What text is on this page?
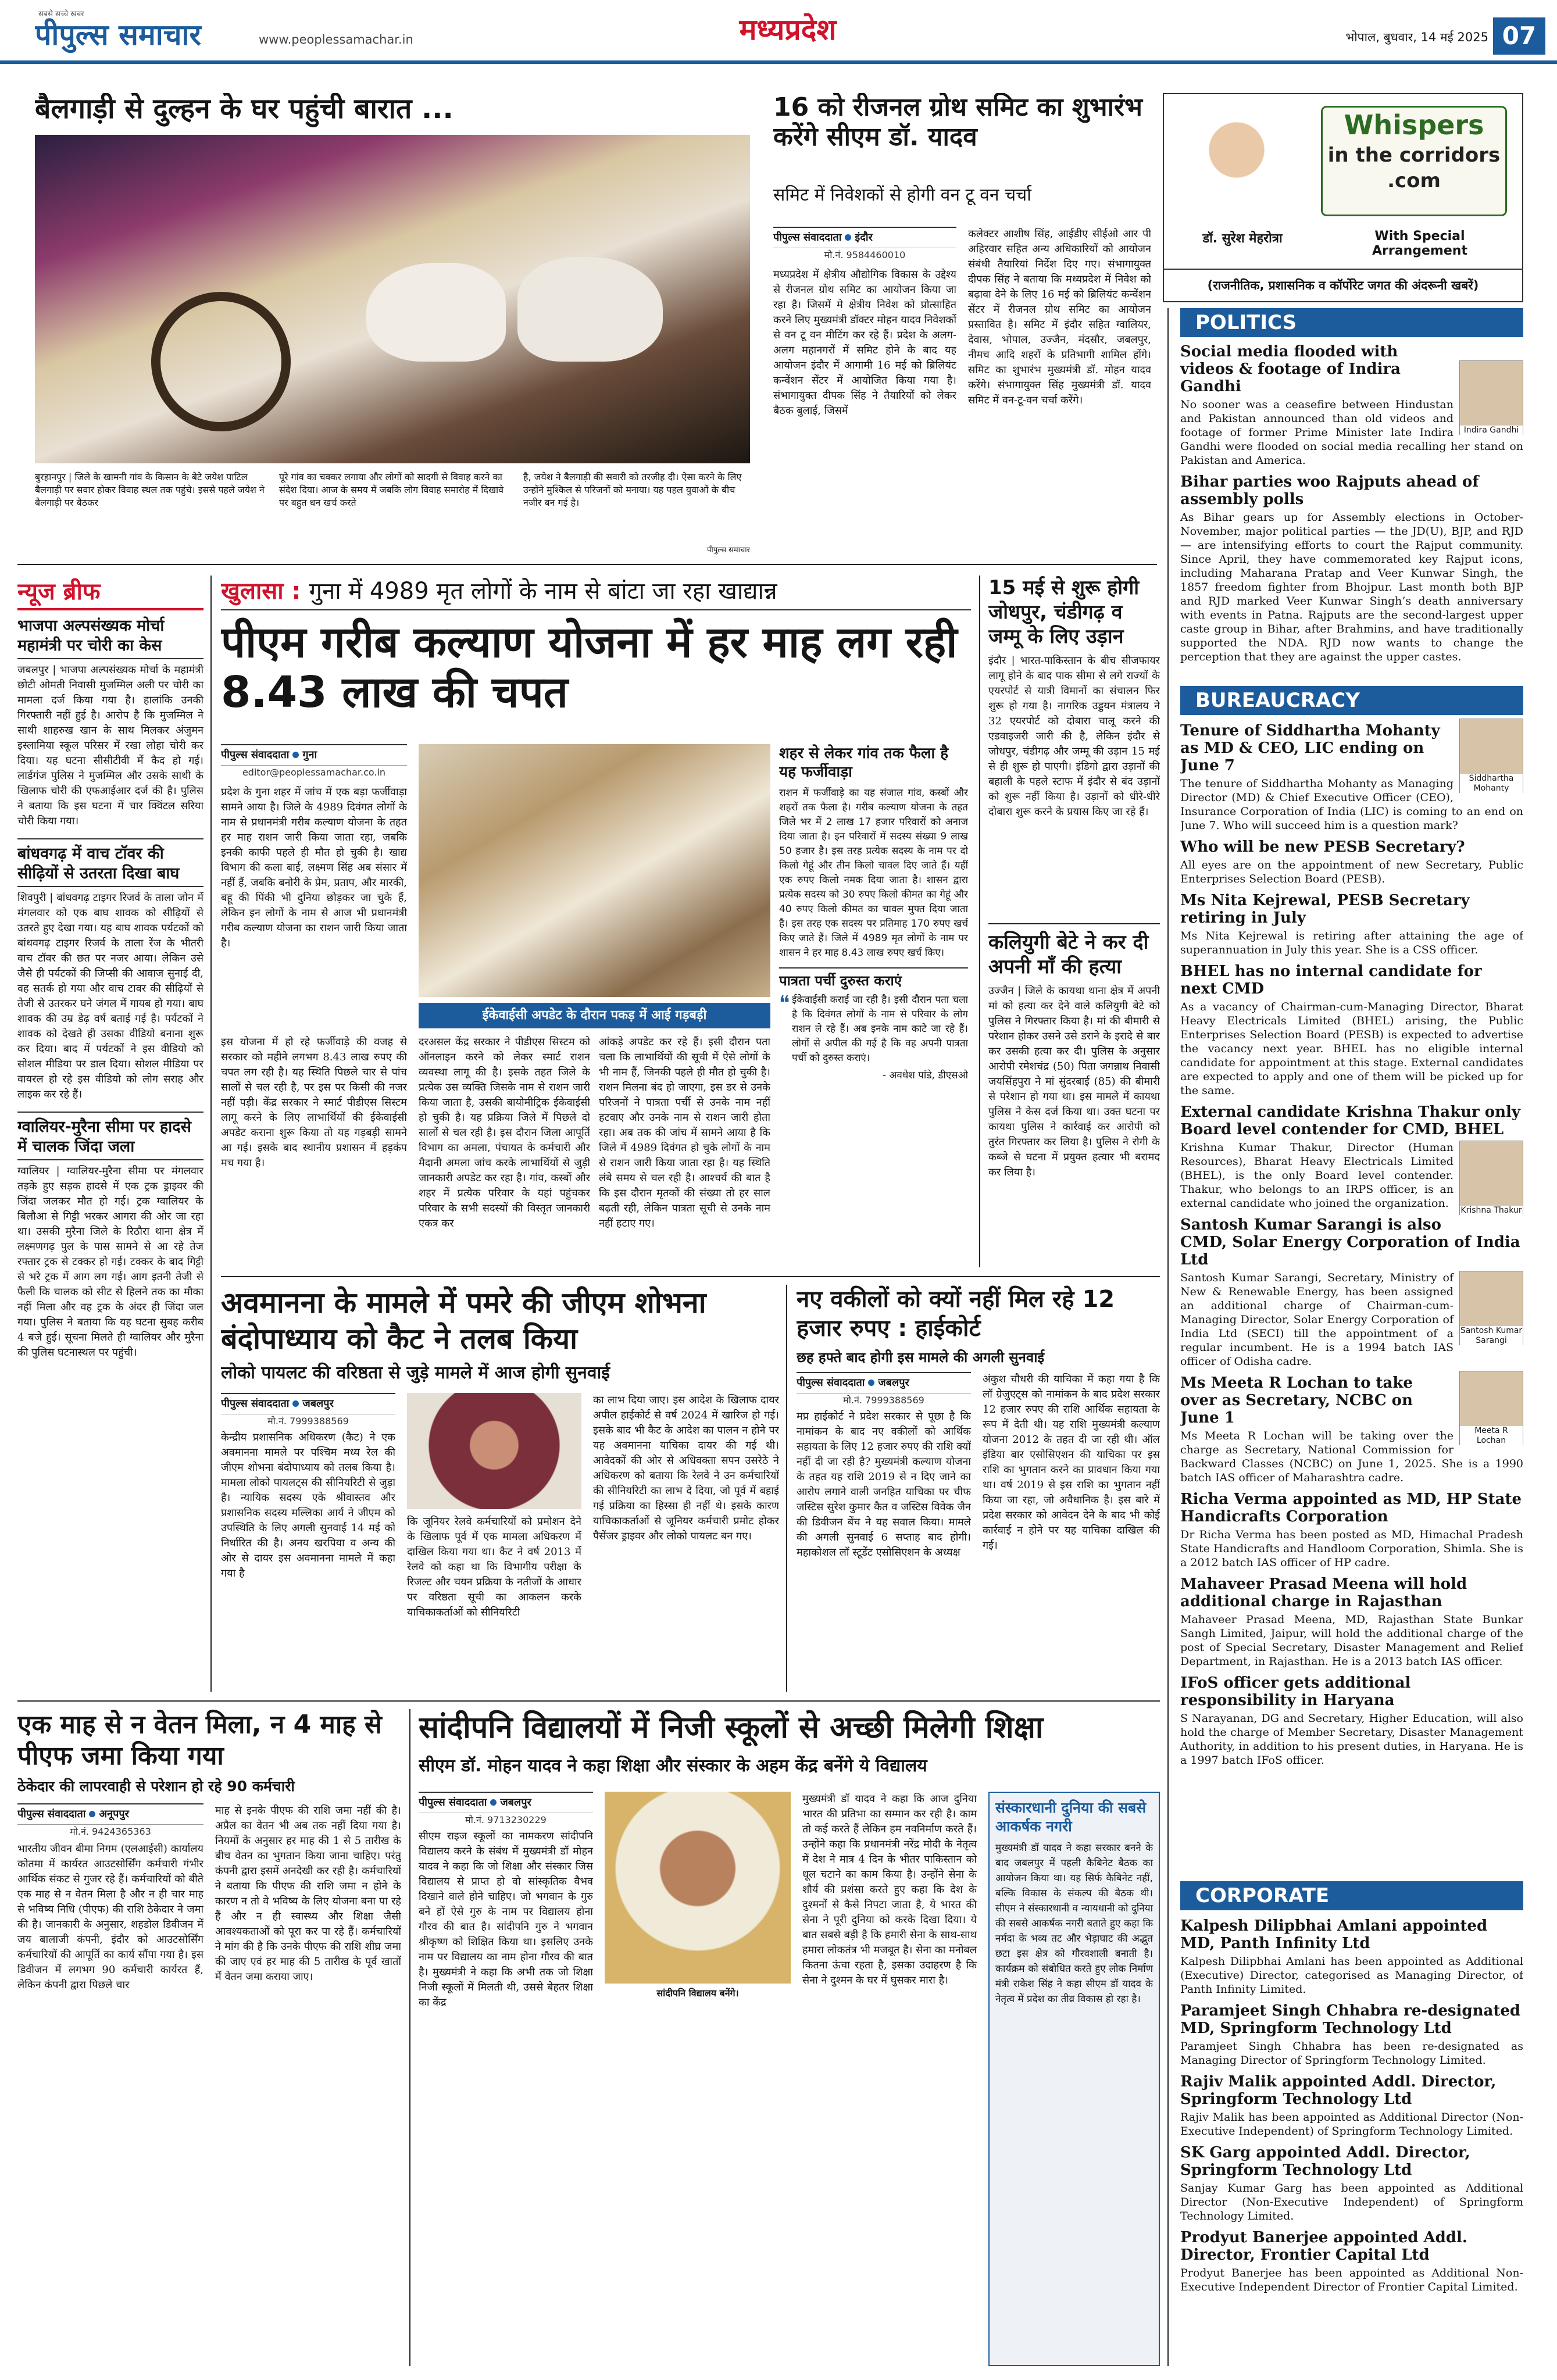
सबसे सच्चे खबर
पीपुल्स समाचार	www.peoplessamachar.in	मध्यप्रदेश	भोपाल, बुधवार, 14 मई 2025 07
बैलगाड़ी से दुल्हन के घर पहुंची बारात ...
बुरहानपुर | जिले के खामनी गांव के किसान के बेटे जयेश पाटिल बैलगाड़ी पर सवार होकर विवाह स्थल तक पहुंचे। इससे पहले जयेश ने बैलगाड़ी पर बैठकर
पूरे गांव का चक्कर लगाया और लोगों को सादगी से विवाह करने का संदेश दिया। आज के समय में जबकि लोग विवाह समारोह में दिखावे पर बहुत धन खर्च करते
है, जयेश ने बैलगाड़ी की सवारी को तरजीह दी। ऐसा करने के लिए उन्होंने मुश्किल से परिजनों को मनाया। यह पहल युवाओं के बीच नजीर बन गई है।
पीपुल्स समाचार
16 को रीजनल ग्रोथ समिट का शुभारंभ करेंगे सीएम डॉ. यादव
समिट में निवेशकों से होगी वन टू वन चर्चा
पीपुल्स संवाददाता इंदौर
मो.नं. 9584460010
मध्यप्रदेश में क्षेत्रीय औद्योगिक विकास के उद्देश्य से रीजनल ग्रोथ समिट का आयोजन किया जा रहा है। जिसमें मे क्षेत्रीय निवेश को प्रोत्साहित करने लिए मुख्यमंत्री डॉक्टर मोहन यादव निवेशकों से वन टू वन मीटिंग कर रहे हैं। प्रदेश के अलग-अलग महानगरों में समिट होने के बाद यह आयोजन इंदौर में आगामी 16 मई को ब्रिलियंट कन्वेंशन सेंटर में आयोजित किया गया है। संभागायुक्त दीपक सिंह ने तैयारियों को लेकर बैठक बुलाई, जिसमें
कलेक्टर आशीष सिंह, आईडीए सीईओ आर पी अहिरवार सहित अन्य अधिकारियों को आयोजन संबंधी तैयारियां निर्देश दिए गए। संभागायुक्त दीपक सिंह ने बताया कि मध्यप्रदेश में निवेश को बढ़ावा देने के लिए 16 मई को ब्रिलियंट कन्वेंशन सेंटर में रीजनल ग्रोथ समिट का आयोजन प्रस्तावित है। समिट में इंदौर सहित ग्वालियर, देवास, भोपाल, उज्जैन, मंदसौर, जबलपुर, नीमच आदि शहरों के प्रतिभागी शामिल होंगे। समिट का शुभारंभ मुख्यमंत्री डॉ. मोहन यादव करेंगे। संभागायुक्त सिंह मुख्यमंत्री डॉ. यादव समिट में वन-टू-वन चर्चा करेंगे।
Whispers
in the corridors
.com
डॉ. सुरेश मेहरोत्रा	With Special Arrangement
(राजनीतिक, प्रशासनिक व कॉर्पोरेट जगत की अंदरूनी खबरें)
POLITICS
Social media flooded with videos & footage of Indira Gandhi
Indira Gandhi
No sooner was a ceasefire between Hindustan and Pakistan announced than old videos and footage of former Prime Minister late Indira Gandhi were flooded on social media recalling her stand on Pakistan and America.
Bihar parties woo Rajputs ahead of assembly polls
As Bihar gears up for Assembly elections in October-November, major political parties — the JD(U), BJP, and RJD — are intensifying efforts to court the Rajput community. Since April, they have commemorated key Rajput icons, including Maharana Pratap and Veer Kunwar Singh, the 1857 freedom fighter from Bhojpur. Last month both BJP and RJD marked Veer Kunwar Singh’s death anniversary with events in Patna. Rajputs are the second-largest upper caste group in Bihar, after Brahmins, and have traditionally supported the NDA. RJD now wants to change the perception that they are against the upper castes.
BUREAUCRACY
Siddhartha Mohanty
Tenure of Siddhartha Mohanty as MD & CEO, LIC ending on June 7
The tenure of Siddhartha Mohanty as Managing Director (MD) & Chief Executive Officer (CEO), Insurance Corporation of India (LIC) is coming to an end on June 7. Who will succeed him is a question mark?
Who will be new PESB Secretary?
All eyes are on the appointment of new Secretary, Public Enterprises Selection Board (PESB).
Ms Nita Kejrewal, PESB Secretary retiring in July
Ms Nita Kejrewal is retiring after attaining the age of superannuation in July this year. She is a CSS officer.
BHEL has no internal candidate for next CMD
As a vacancy of Chairman-cum-Managing Director, Bharat Heavy Electricals Limited (BHEL) arising, the Public Enterprises Selection Board (PESB) is expected to advertise the vacancy next year. BHEL has no eligible internal candidate for appointment at this stage. External candidates are expected to apply and one of them will be picked up for the same.
External candidate Krishna Thakur only Board level contender for CMD, BHEL
Krishna Thakur
Krishna Kumar Thakur, Director (Human Resources), Bharat Heavy Electricals Limited (BHEL), is the only Board level contender. Thakur, who belongs to an IRPS officer, is an external candidate who joined the organization.
Santosh Kumar Sarangi is also CMD, Solar Energy Corporation of India Ltd
Santosh Kumar Sarangi
Santosh Kumar Sarangi, Secretary, Ministry of New & Renewable Energy, has been assigned an additional charge of Chairman-cum-Managing Director, Solar Energy Corporation of India Ltd (SECI) till the appointment of a regular incumbent. He is a 1994 batch IAS officer of Odisha cadre.
Meeta R Lochan
Ms Meeta R Lochan to take over as Secretary, NCBC on June 1
Ms Meeta R Lochan will be taking over the charge as Secretary, National Commission for Backward Classes (NCBC) on June 1, 2025. She is a 1990 batch IAS officer of Maharashtra cadre.
Richa Verma appointed as MD, HP State Handicrafts Corporation
Dr Richa Verma has been posted as MD, Himachal Pradesh State Handicrafts and Handloom Corporation, Shimla. She is a 2012 batch IAS officer of HP cadre.
Mahaveer Prasad Meena will hold additional charge in Rajasthan
Mahaveer Prasad Meena, MD, Rajasthan State Bunkar Sangh Limited, Jaipur, will hold the additional charge of the post of Special Secretary, Disaster Management and Relief Department, in Rajasthan. He is a 2013 batch IAS officer.
IFoS officer gets additional responsibility in Haryana
S Narayanan, DG and Secretary, Higher Education, will also hold the charge of Member Secretary, Disaster Management Authority, in addition to his present duties, in Haryana. He is a 1997 batch IFoS officer.
CORPORATE
Kalpesh Dilipbhai Amlani appointed MD, Panth Infinity Ltd
Kalpesh Dilipbhai Amlani has been appointed as Additional (Executive) Director, categorised as Managing Director, of Panth Infinity Limited.
Paramjeet Singh Chhabra re-designated MD, Springform Technology Ltd
Paramjeet Singh Chhabra has been re-designated as Managing Director of Springform Technology Limited.
Rajiv Malik appointed Addl. Director, Springform Technology Ltd
Rajiv Malik has been appointed as Additional Director (Non-Executive Independent) of Springform Technology Limited.
SK Garg appointed Addl. Director, Springform Technology Ltd
Sanjay Kumar Garg has been appointed as Additional Director (Non-Executive Independent) of Springform Technology Limited.
Prodyut Banerjee appointed Addl. Director, Frontier Capital Ltd
Prodyut Banerjee has been appointed as Additional Non-Executive Independent Director of Frontier Capital Limited.
न्यूज ब्रीफ
भाजपा अल्पसंख्यक मोर्चा महामंत्री पर चोरी का केस
जबलपुर | भाजपा अल्पसंख्यक मोर्चा के महामंत्री छोटी ओमती निवासी मुजम्मिल अली पर चोरी का मामला दर्ज किया गया है। हालांकि उनकी गिरफ्तारी नहीं हुई है। आरोप है कि मुजम्मिल ने साथी शाहरुख खान के साथ मिलकर अंजुमन इस्लामिया स्कूल परिसर में रखा लोहा चोरी कर दिया। यह घटना सीसीटीवी में कैद हो गई। लार्डगंज पुलिस ने मुजम्मिल और उसके साथी के खिलाफ चोरी की एफआईआर दर्ज की है। पुलिस ने बताया कि इस घटना में चार क्विंटल सरिया चोरी किया गया।
बांधवगढ़ में वाच टॉवर की सीढ़ियों से उतरता दिखा बाघ
शिवपुरी | बांधवगढ़ टाइगर रिजर्व के ताला जोन में मंगलवार को एक बाघ शावक को सीढ़ियों से उतरते हुए देखा गया। यह बाघ शावक पर्यटकों को बांधवगढ़ टाइगर रिजर्व के ताला रेंज के भीतरी वाच टॉवर की छत पर नजर आया। लेकिन उसे जैसे ही पर्यटकों की जिप्सी की आवाज सुनाई दी, वह सतर्क हो गया और वाच टावर की सीढ़ियों से तेजी से उतरकर घने जंगल में गायब हो गया। बाघ शावक की उम्र डेढ़ वर्ष बताई गई है। पर्यटकों ने शावक को देखते ही उसका वीडियो बनाना शुरू कर दिया। बाद में पर्यटकों ने इस वीडियो को सोशल मीडिया पर डाल दिया। सोशल मीडिया पर वायरल हो रहे इस वीडियो को लोग सराह और लाइक कर रहे हैं।
ग्वालियर-मुरैना सीमा पर हादसे में चालक जिंदा जला
ग्वालियर | ग्वालियर-मुरैना सीमा पर मंगलवार तड़के हुए सड़क हादसे में एक ट्रक ड्राइवर की जिंदा जलकर मौत हो गई। ट्रक ग्वालियर के बिलौआ से गिट्टी भरकर आगरा की ओर जा रहा था। उसकी मुरैना जिले के रिठौरा थाना क्षेत्र में लक्ष्मणगढ़ पुल के पास सामने से आ रहे तेज रफ्तार ट्रक से टक्कर हो गई। टक्कर के बाद गिट्टी से भरे ट्रक में आग लग गई। आग इतनी तेजी से फैली कि चालक को सीट से हिलने तक का मौका नहीं मिला और वह ट्रक के अंदर ही जिंदा जल गया। पुलिस ने बताया कि यह घटना सुबह करीब 4 बजे हुई। सूचना मिलते ही ग्वालियर और मुरैना की पुलिस घटनास्थल पर पहुंची।
खुलासा : गुना में 4989 मृत लोगों के नाम से बांटा जा रहा खाद्यान्न
पीएम गरीब कल्याण योजना में हर माह लग रही 8.43 लाख की चपत
पीपुल्स संवाददाता गुना
editor@peoplessamachar.co.in
प्रदेश के गुना शहर में जांच में एक बड़ा फर्जीवाड़ा सामने आया है। जिले के 4989 दिवंगत लोगों के नाम से प्रधानमंत्री गरीब कल्याण योजना के तहत हर माह राशन जारी किया जाता रहा, जबकि इनकी काफी पहले ही मौत हो चुकी है। खाद्य विभाग की कला बाई, लक्ष्मण सिंह अब संसार में नहीं हैं, जबकि बनोरी के प्रेम, प्रताप, और मारकी, बहू की पिंकी भी दुनिया छोड़कर जा चुके हैं, लेकिन इन लोगों के नाम से आज भी प्रधानमंत्री गरीब कल्याण योजना का राशन जारी किया जाता है।
ईकेवाईसी अपडेट के दौरान पकड़ में आई गड़बड़ी
इस योजना में हो रहे फर्जीवाड़े की वजह से सरकार को महीने लगभग 8.43 लाख रुपए की चपत लग रही है। यह स्थिति पिछले चार से पांच सालों से चल रही है, पर इस पर किसी की नजर नहीं पड़ी। केंद्र सरकार ने स्मार्ट पीडीएस सिस्टम लागू करने के लिए लाभार्थियों की ईकेवाईसी अपडेट कराना शुरू किया तो यह गड़बड़ी सामने आ गई। इसके बाद स्थानीय प्रशासन में हड़कंप मच गया है।
दरअसल केंद्र सरकार ने पीडीएस सिस्टम को ऑनलाइन करने को लेकर स्मार्ट राशन व्यवस्था लागू की है। इसके तहत जिले के प्रत्येक उस व्यक्ति जिसके नाम से राशन जारी किया जाता है, उसकी बायोमीट्रिक ईकेवाईसी हो चुकी है। यह प्रक्रिया जिले में पिछले दो सालों से चल रही है। इस दौरान जिला आपूर्ति विभाग का अमला, पंचायत के कर्मचारी और मैदानी अमला जांच करके लाभार्थियों से जुड़ी जानकारी अपडेट कर रहा है। गांव, कस्बों और शहर में प्रत्येक परिवार के यहां पहुंचकर परिवार के सभी सदस्यों की विस्तृत जानकारी एकत्र कर
आंकड़े अपडेट कर रहे हैं। इसी दौरान पता चला कि लाभार्थियों की सूची में ऐसे लोगों के भी नाम हैं, जिनकी पहले ही मौत हो चुकी है। राशन मिलना बंद हो जाएगा, इस डर से उनके परिजनों ने पात्रता पर्ची से उनके नाम नहीं हटवाए और उनके नाम से राशन जारी होता रहा। अब तक की जांच में सामने आया है कि जिले में 4989 दिवंगत हो चुके लोगों के नाम से राशन जारी किया जाता रहा है। यह स्थिति लंबे समय से चल रही है। आश्चर्य की बात है कि इस दौरान मृतकों की संख्या तो हर साल बढ़ती रही, लेकिन पात्रता सूची से उनके नाम नहीं हटाए गए।
शहर से लेकर गांव तक फैला है यह फर्जीवाड़ा
राशन में फर्जीवाड़े का यह संजाल गांव, कस्बों और शहरों तक फैला है। गरीब कल्याण योजना के तहत जिले भर में 2 लाख 17 हजार परिवारों को अनाज दिया जाता है। इन परिवारों में सदस्य संख्या 9 लाख 50 हजार है। इस तरह प्रत्येक सदस्य के नाम पर दो किलो गेहूं और तीन किलो चावल दिए जाते हैं। यहीं एक रुपए किलो नमक दिया जाता है। शासन द्वारा प्रत्येक सदस्य को 30 रुपए किलो कीमत का गेहूं और 40 रुपए किलो कीमत का चावल मुफ्त दिया जाता है। इस तरह एक सदस्य पर प्रतिमाह 170 रुपए खर्च किए जाते हैं। जिले में 4989 मृत लोगों के नाम पर शासन ने हर माह 8.43 लाख रुपए खर्च किए।
पात्रता पर्ची दुरुस्त कराएं
❝ ईकेवाईसी कराई जा रही है। इसी दौरान पता चला है कि दिवंगत लोगों के नाम से परिवार के लोग राशन ले रहे हैं। अब इनके नाम काटे जा रहे हैं। लोगों से अपील की गई है कि वह अपनी पात्रता पर्ची को दुरुस्त कराएं।
- अवधेश पांडे, डीएसओ
15 मई से शुरू होगी जोधपुर, चंडीगढ़ व जम्मू के लिए उड़ान
इंदौर | भारत-पाकिस्तान के बीच सीजफायर लागू होने के बाद पाक सीमा से लगे राज्यों के एयरपोर्ट से यात्री विमानों का संचालन फिर शुरू हो गया है। नागरिक उड्डयन मंत्रालय ने 32 एयरपोर्ट को दोबारा चालू करने की एडवाइजरी जारी की है, लेकिन इंदौर से जोधपुर, चंडीगढ़ और जम्मू की उड़ान 15 मई से ही शुरू हो पाएगी। इंडिगो द्वारा उड़ानों की बहाली के पहले स्टाफ में इंदौर से बंद उड़ानों को शुरू नहीं किया है। उड़ानों को धीरे-धीरे दोबारा शुरू करने के प्रयास किए जा रहे हैं।
कलियुगी बेटे ने कर दी अपनी माँ की हत्या
उज्जैन | जिले के कायथा थाना क्षेत्र में अपनी मां को हत्या कर देने वाले कलियुगी बेटे को पुलिस ने गिरफ्तार किया है। मां की बीमारी से परेशान होकर उसने उसे डराने के इरादे से बार कर उसकी हत्या कर दी। पुलिस के अनुसार आरोपी रमेशचंद्र (50) पिता जगन्नाथ निवासी जयसिंहपुरा ने मां सुंदरबाई (85) की बीमारी से परेशान हो गया था। इस मामले में कायथा पुलिस ने केस दर्ज किया था। उक्त घटना पर कायथा पुलिस ने कार्रवाई कर आरोपी को तुरंत गिरफ्तार कर लिया है। पुलिस ने रोगी के कब्जे से घटना में प्रयुक्त हत्यार भी बरामद कर लिया है।
अवमानना के मामले में पमरे की जीएम शोभना बंदोपाध्याय को कैट ने तलब किया
लोको पायलट की वरिष्ठता से जुड़े मामले में आज होगी सुनवाई
पीपुल्स संवाददाता जबलपुर
मो.नं. 7999388569
केन्द्रीय प्रशासनिक अधिकरण (कैट) ने एक अवमानना मामले पर पश्चिम मध्य रेल की जीएम शोभना बंदोपाध्याय को तलब किया है। मामला लोको पायलट्स की सीनियरिटी से जुड़ा है। न्यायिक सदस्य एके श्रीवास्तव और प्रशासनिक सदस्य मल्लिका आर्य ने जीएम को उपस्थिति के लिए अगली सुनवाई 14 मई को निर्धारित की है। अनय खरपिया व अन्य की ओर से दायर इस अवमानना मामले में कहा गया है
कि जूनियर रेलवे कर्मचारियों को प्रमोशन देने के खिलाफ पूर्व में एक मामला अधिकरण में दाखिल किया गया था। कैट ने वर्ष 2013 में रेलवे को कहा था कि विभागीय परीक्षा के रिजल्ट और चयन प्रक्रिया के नतीजों के आधार पर वरिष्ठता सूची का आकलन करके याचिकाकर्ताओं को सीनियरिटी
का लाभ दिया जाए। इस आदेश के खिलाफ दायर अपील हाईकोर्ट से वर्ष 2024 में खारिज हो गई। इसके बाद भी कैट के आदेश का पालन न होने पर यह अवमानना याचिका दायर की गई थी। आवेदकों की ओर से अधिवक्ता सपन उसरेठे ने अधिकरण को बताया कि रेलवे ने उन कर्मचारियों की सीनियरिटी का लाभ दे दिया, जो पूर्व में बहाई गई प्रक्रिया का हिस्सा ही नहीं थे। इसके कारण याचिकाकर्ताओं से जूनियर कर्मचारी प्रमोट होकर पैसेंजर ड्राइवर और लोको पायलट बन गए।
नए वकीलों को क्यों नहीं मिल रहे 12 हजार रुपए : हाईकोर्ट
छह हफ्ते बाद होगी इस मामले की अगली सुनवाई
पीपुल्स संवाददाता जबलपुर
मो.नं. 7999388569
मप्र हाईकोर्ट ने प्रदेश सरकार से पूछा है कि नामांकन के बाद नए वकीलों को आर्थिक सहायता के लिए 12 हजार रुपए की राशि क्यों नहीं दी जा रही है? मुख्यमंत्री कल्याण योजना के तहत यह राशि 2019 से न दिए जाने का आरोप लगाने वाली जनहित याचिका पर चीफ जस्टिस सुरेश कुमार कैत व जस्टिस विवेक जैन की डिवीजन बेंच ने यह सवाल किया। मामले की अगली सुनवाई 6 सप्ताह बाद होगी। महाकोशल लॉ स्टूडेंट एसोसिएशन के अध्यक्ष
अंकुश चौधरी की याचिका में कहा गया है कि लॉ ग्रेजुएट्स को नामांकन के बाद प्रदेश सरकार 12 हजार रुपए की राशि आर्थिक सहायता के रूप में देती थी। यह राशि मुख्यमंत्री कल्याण योजना 2012 के तहत दी जा रही थी। ऑल इंडिया बार एसोसिएशन की याचिका पर इस राशि का भुगतान करने का प्रावधान किया गया था। वर्ष 2019 से इस राशि का भुगतान नहीं किया जा रहा, जो अवैधानिक है। इस बारे में प्रदेश सरकार को आवेदन देने के बाद भी कोई कार्रवाई न होने पर यह याचिका दाखिल की गई।
एक माह से न वेतन मिला, न 4 माह से पीएफ जमा किया गया
ठेकेदार की लापरवाही से परेशान हो रहे 90 कर्मचारी
पीपुल्स संवाददाता अनूपपुर
मो.नं. 9424365363
भारतीय जीवन बीमा निगम (एलआईसी) कार्यालय कोतमा में कार्यरत आउटसोर्सिंग कर्मचारी गंभीर आर्थिक संकट से गुजर रहे हैं। कर्मचारियों को बीते एक माह से न वेतन मिला है और न ही चार माह से भविष्य निधि (पीएफ) की राशि ठेकेदार ने जमा की है। जानकारी के अनुसार, शहडोल डिवीजन में जय बालाजी कंपनी, इंदौर को आउटसोर्सिंग कर्मचारियों की आपूर्ति का कार्य सौंपा गया है। इस डिवीजन में लगभग 90 कर्मचारी कार्यरत हैं, लेकिन कंपनी द्वारा पिछले चार
माह से इनके पीएफ की राशि जमा नहीं की है। अप्रैल का वेतन भी अब तक नहीं दिया गया है। नियमों के अनुसार हर माह की 1 से 5 तारीख के बीच वेतन का भुगतान किया जाना चाहिए। परंतु कंपनी द्वारा इसमें अनदेखी कर रही है। कर्मचारियों ने बताया कि पीएफ की राशि जमा न होने के कारण न तो वे भविष्य के लिए योजना बना पा रहे हैं और न ही स्वास्थ्य और शिक्षा जैसी आवश्यकताओं को पूरा कर पा रहे हैं। कर्मचारियों ने मांग की है कि उनके पीएफ की राशि शीघ्र जमा की जाए एवं हर माह की 5 तारीख के पूर्व खातों में वेतन जमा कराया जाए।
सांदीपनि विद्यालयों में निजी स्कूलों से अच्छी मिलेगी शिक्षा
सीएम डॉ. मोहन यादव ने कहा शिक्षा और संस्कार के अहम केंद्र बनेंगे ये विद्यालय
पीपुल्स संवाददाता जबलपुर
मो.नं. 9713230229
सीएम राइज स्कूलों का नामकरण सांदीपनि विद्यालय करने के संबंध में मुख्यमंत्री डॉ मोहन यादव ने कहा कि जो शिक्षा और संस्कार जिस विद्यालय से प्राप्त हो वो सांस्कृतिक वैभव दिखाने वाले होने चाहिए। जो भगवान के गुरु बने हों ऐसे गुरु के नाम पर विद्यालय होना गौरव की बात है। सांदीपनि गुरु ने भगवान श्रीकृष्ण को शिक्षित किया था। इसलिए उनके नाम पर विद्यालय का नाम होना गौरव की बात है। मुख्यमंत्री ने कहा कि अभी तक जो शिक्षा निजी स्कूलों में मिलती थी, उससे बेहतर शिक्षा का केंद्र
सांदीपनि विद्यालय बनेंगे।
मुख्यमंत्री डॉ यादव ने कहा कि आज दुनिया भारत की प्रतिभा का सम्मान कर रही है। काम तो कई करते हैं लेकिन हम नवनिर्माण करते हैं। उन्होंने कहा कि प्रधानमंत्री नरेंद्र मोदी के नेतृत्व में देश ने मात्र 4 दिन के भीतर पाकिस्तान को धूल चटाने का काम किया है। उन्होंने सेना के शौर्य की प्रशंसा करते हुए कहा कि देश के दुश्मनों से कैसे निपटा जाता है, ये भारत की सेना ने पूरी दुनिया को करके दिखा दिया। ये बात सबसे बड़ी है कि हमारी सेना के साथ-साथ हमारा लोकतंत्र भी मजबूत है। सेना का मनोबल कितना ऊंचा रहता है, इसका उदाहरण है कि सेना ने दुश्मन के घर में घुसकर मारा है।
संस्कारधानी दुनिया की सबसे आकर्षक नगरी
मुख्यमंत्री डॉ यादव ने कहा सरकार बनने के बाद जबलपुर में पहली कैबिनेट बैठक का आयोजन किया था। यह सिर्फ कैबिनेट नहीं, बल्कि विकास के संकल्प की बैठक थी। सीएम ने संस्कारधानी व न्यायधानी को दुनिया की सबसे आकर्षक नगरी बताते हुए कहा कि नर्मदा के भव्य तट और भेड़ाघाट की अद्भुत छटा इस क्षेत्र को गौरवशाली बनाती है। कार्यक्रम को संबोधित करते हुए लोक निर्माण मंत्री राकेश सिंह ने कहा सीएम डॉ यादव के नेतृत्व में प्रदेश का तीव्र विकास हो रहा है।
